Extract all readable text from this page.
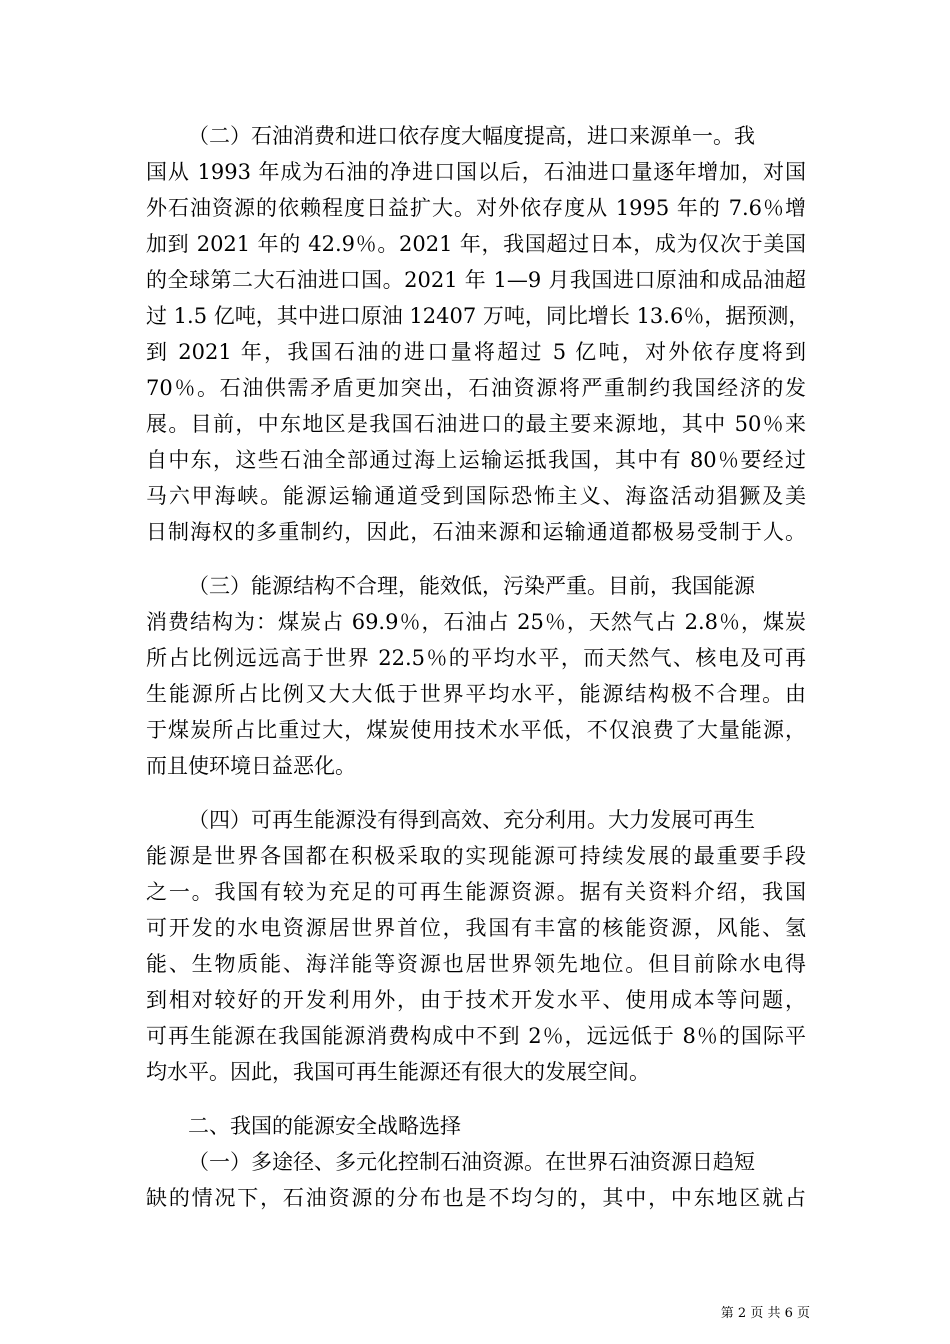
（二）石油消费和进口依存度大幅度提高，进口来源单一。我
国从 1993 年成为石油的净进口国以后，石油进口量逐年增加，对国
外石油资源的依赖程度日益扩大。对外依存度从 1995 年的 7.6％增
加到 2021 年的 42.9％。2021 年，我国超过日本，成为仅次于美国
的全球第二大石油进口国。2021 年 1—9 月我国进口原油和成品油超
过 1.5 亿吨，其中进口原油 12407 万吨，同比增长 13.6％，据预测，
到 2021 年，我国石油的进口量将超过 5 亿吨，对外依存度将到
70％。石油供需矛盾更加突出，石油资源将严重制约我国经济的发
展。目前，中东地区是我国石油进口的最主要来源地，其中 50％来
自中东，这些石油全部通过海上运输运抵我国，其中有 80％要经过
马六甲海峡。能源运输通道受到国际恐怖主义、海盗活动猖獗及美
日制海权的多重制约，因此，石油来源和运输通道都极易受制于人。
（三）能源结构不合理，能效低，污染严重。目前，我国能源
消费结构为：煤炭占 69.9％，石油占 25％，天然气占 2.8％，煤炭
所占比例远远高于世界 22.5％的平均水平，而天然气、核电及可再
生能源所占比例又大大低于世界平均水平，能源结构极不合理。由
于煤炭所占比重过大，煤炭使用技术水平低，不仅浪费了大量能源，
而且使环境日益恶化。
（四）可再生能源没有得到高效、充分利用。大力发展可再生
能源是世界各国都在积极采取的实现能源可持续发展的最重要手段
之一。我国有较为充足的可再生能源资源。据有关资料介绍，我国
可开发的水电资源居世界首位，我国有丰富的核能资源，风能、氢
能、生物质能、海洋能等资源也居世界领先地位。但目前除水电得
到相对较好的开发利用外，由于技术开发水平、使用成本等问题，
可再生能源在我国能源消费构成中不到 2％，远远低于 8％的国际平
均水平。因此，我国可再生能源还有很大的发展空间。
二、我国的能源安全战略选择
（一）多途径、多元化控制石油资源。在世界石油资源日趋短
缺的情况下，石油资源的分布也是不均匀的，其中，中东地区就占
第 2 页 共 6 页
